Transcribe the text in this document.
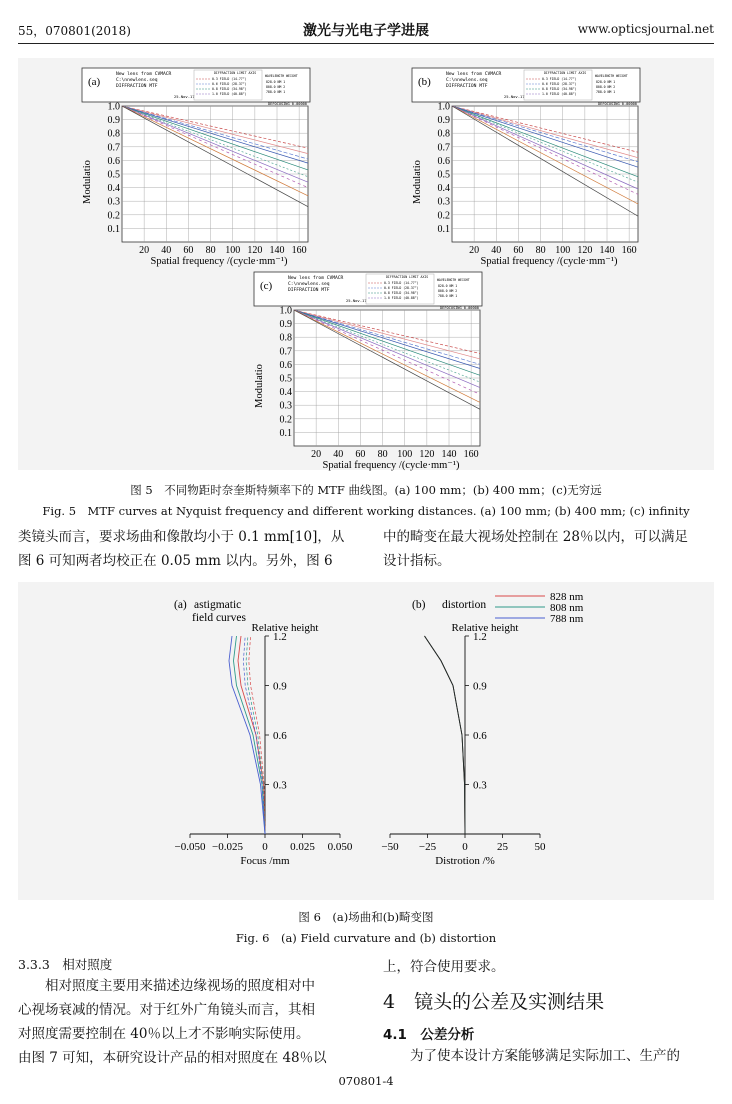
55，070801(2018)	激光与光电子学进展	www.opticsjournal.net
(a)
New lens from CVMACR
C:\nnewlens.seq
DIFFRACTION MTF
25-Nov-17
DIFFRACTION LIMIT AXIS
0.3 FIELD (14.77°)
0.6 FIELD (28.37°)
0.8 FIELD (34.98°)
1.0 FIELD (40.88°)
WAVELENGTH WEIGHT
828.0 NM 1
808.0 NM 2
788.0 NM 1
DEFOCUSING 0.00000
1.0
0.9
0.8
0.7
0.6
0.5
0.4
0.3
0.2
0.1
20 40 60 80 100 120 140 160
Spatial frequency /(cycle·mm⁻¹)
Modulatio
(b)
New lens from CVMACR
C:\nnewlens.seq
DIFFRACTION MTF
25-Nov-17
DIFFRACTION LIMIT AXIS
0.3 FIELD (14.77°)
0.6 FIELD (28.37°)
0.8 FIELD (34.98°)
1.0 FIELD (40.88°)
WAVELENGTH WEIGHT
828.0 NM 1
808.0 NM 2
788.0 NM 1
DEFOCUSING 0.00000
1.0
0.9
0.8
0.7
0.6
0.5
0.4
0.3
0.2
0.1
20 40 60 80 100 120 140 160
Spatial frequency /(cycle·mm⁻¹)
Modulatio
(c)
New lens from CVMACR
C:\nnewlens.seq
DIFFRACTION MTF
25-Nov-17
DIFFRACTION LIMIT AXIS
0.3 FIELD (14.77°)
0.6 FIELD (28.37°)
0.8 FIELD (34.98°)
1.0 FIELD (40.88°)
WAVELENGTH WEIGHT
828.0 NM 1
808.0 NM 2
788.0 NM 1
DEFOCUSING 0.00000
1.0
0.9
0.8
0.7
0.6
0.5
0.4
0.3
0.2
0.1
20 40 60 80 100 120 140 160
Spatial frequency /(cycle·mm⁻¹)
Modulatio
图 5　不同物距时奈奎斯特频率下的 MTF 曲线图。(a) 100 mm；(b) 400 mm；(c)无穷远
Fig. 5　MTF curves at Nyquist frequency and different working distances. (a) 100 mm; (b) 400 mm; (c) infinity
类镜头而言，要求场曲和像散均小于 0.1 mm[10]，从
图 6 可知两者均校正在 0.05 mm 以内。另外，图 6
中的畸变在最大视场处控制在 28％以内，可以满足
设计指标。
(a) astigmatic
field curves
Relative height
1.2
0.9
0.6
0.3
−0.050 −0.025 0 0.025 0.050
Focus /mm
(b) distortion
Relative height
1.2
0.9
0.6
0.3
−50 −25 0	25 50
Distrotion /%
828 nm
808 nm
788 nm
图 6　(a)场曲和(b)畸变图
Fig. 6　(a) Field curvature and (b) distortion
3.3.3　相对照度
相对照度主要用来描述边缘视场的照度相对中
心视场衰减的情况。对于红外广角镜头而言，其相
对照度需要控制在 40％以上才不影响实际使用。
由图 7 可知，本研究设计产品的相对照度在 48％以
上，符合使用要求。
4　镜头的公差及实测结果
4.1　公差分析
为了使本设计方案能够满足实际加工、生产的
070801-4
